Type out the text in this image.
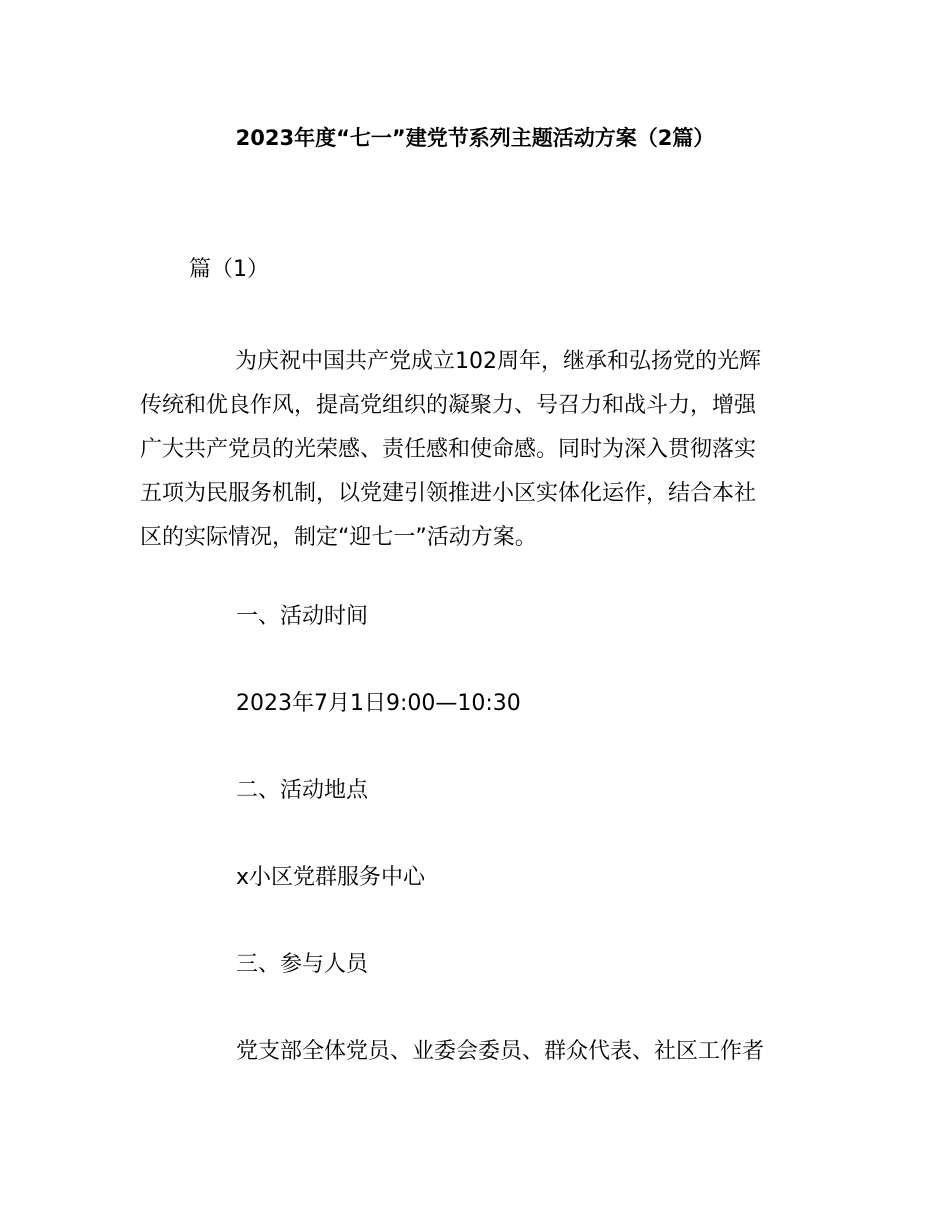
2023年度“七一”建党节系列主题活动方案（2篇）
篇（1）
为庆祝中国共产党成立102周年，继承和弘扬党的光辉
传统和优良作风，提高党组织的凝聚力、号召力和战斗力，增强
广大共产党员的光荣感、责任感和使命感。同时为深入贯彻落实
五项为民服务机制，以党建引领推进小区实体化运作，结合本社
区的实际情况，制定“迎七一”活动方案。
一、活动时间
2023年7月1日9:00—10:30
二、活动地点
x小区党群服务中心
三、参与人员
党支部全体党员、业委会委员、群众代表、社区工作者
